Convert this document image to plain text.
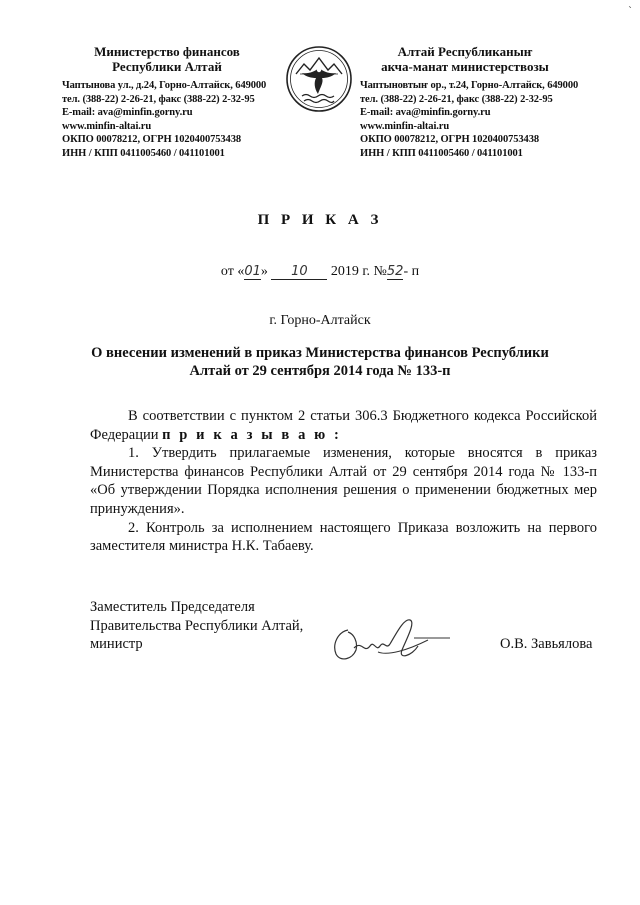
Министерство финансов
Республики Алтай
Чаптынова ул., д.24, Горно-Алтайск, 649000
тел. (388-22) 2-26-21, факс (388-22) 2-32-95
E-mail: ava@minfin.gorny.ru
www.minfin-altai.ru
ОКПО 00078212, ОГРН 1020400753438
ИНН / КПП 0411005460 / 041101001
Алтай Республиканыҥ
акча-манат министерствозы
Чаптыновтыҥ ор., т.24, Горно-Алтайск, 649000
тел. (388-22) 2-26-21, факс (388-22) 2-32-95
E-mail: ava@minfin.gorny.ru
www.minfin-altai.ru
ОКПО 00078212, ОГРН 1020400753438
ИНН / КПП 0411005460 / 041101001
`
П Р И К А З
от «01» 10 2019 г. №52- п
г. Горно-Алтайск
О внесении изменений в приказ Министерства финансов Республики
Алтай от 29 сентября 2014 года № 133-п

В соответствии с пунктом 2 статьи 306.3 Бюджетного кодекса Российской Федерации п р и к а з ы в а ю :

1. Утвердить прилагаемые изменения, которые вносятся в приказ Министерства финансов Республики Алтай от 29 сентября 2014 года № 133-п «Об утверждении Порядка исполнения решения о применении бюджетных мер принуждения».

2. Контроль за исполнением настоящего Приказа возложить на первого заместителя министра Н.К. Табаеву.

Заместитель Председателя
Правительства Республики Алтай,
министр	О.В. Завьялова
